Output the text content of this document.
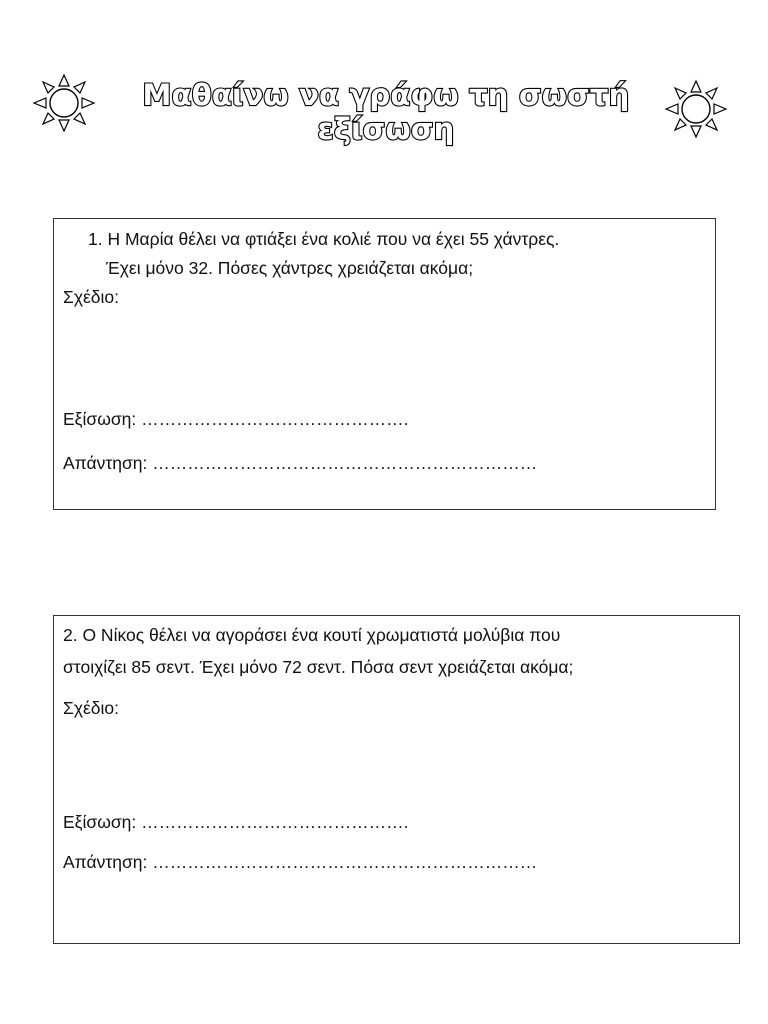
Μαθαίνω να γράφω τη σωστή εξίσωση
1. Η Μαρία θέλει να φτιάξει ένα κολιέ που να έχει 55 χάντρες.
Έχει μόνο 32. Πόσες χάντρες χρειάζεται ακόμα;
Σχέδιο:
Εξίσωση: ……………………………………….
Απάντηση: …………………………………………………………
2. Ο Νίκος θέλει να αγοράσει ένα κουτί χρωματιστά μολύβια που
στοιχίζει 85 σεντ. Έχει μόνο 72 σεντ. Πόσα σεντ χρειάζεται ακόμα;
Σχέδιο:
Εξίσωση: ……………………………………….
Απάντηση: …………………………………………………………
